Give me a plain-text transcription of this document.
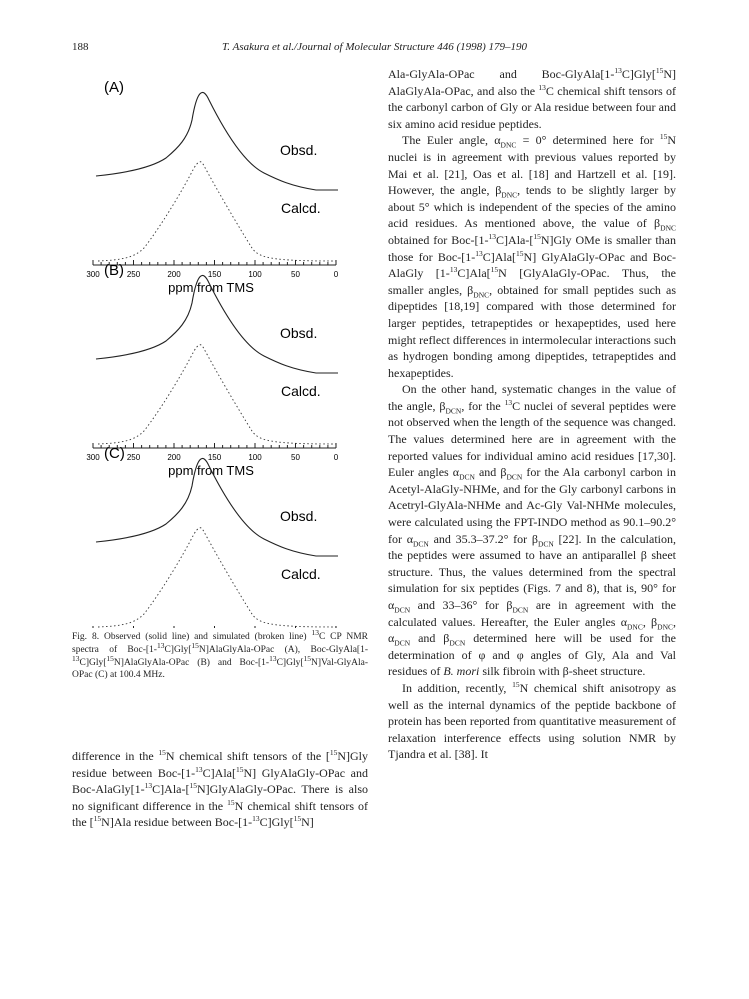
188	T. Asakura et al./Journal of Molecular Structure 446 (1998) 179–190
(A)
Obsd.
Calcd.
300	250	200	150	100	50	0
ppm from TMS
(B)
Obsd.
Calcd.
300	250	200	150	100	50	0
ppm from TMS
(C)
Obsd.
Calcd.
Fig. 8. Observed (solid line) and simulated (broken line) $^{13}$C CP NMR spectra of Boc-[1-$^{13}$C]Gly[$^{15}$N]AlaGlyAla-OPac (A), Boc-GlyAla[1-$^{13}$C]Gly[$^{15}$N]AlaGlyAla-OPac (B) and Boc-[1-$^{13}$C]Gly[$^{15}$N]Val-GlyAla-OPac (C) at 100.4 MHz.

difference in the $^{15}$N chemical shift tensors of the [$^{15}$N]Gly residue between Boc-[1-$^{13}$C]Ala[$^{15}$N] GlyAlaGly-OPac and Boc-AlaGly[1-$^{13}$C]Ala-[$^{15}$N]GlyAlaGly-OPac. There is also no significant difference in the $^{15}$N chemical shift tensors of the [$^{15}$N]Ala residue between Boc-[1-$^{13}$C]Gly[$^{15}$N]

Ala-GlyAla-OPac and Boc-GlyAla[1-$^{13}$C]Gly[$^{15}$N] AlaGlyAla-OPac, and also the $^{13}$C chemical shift tensors of the carbonyl carbon of Gly or Ala residue between four and six amino acid residue peptides.

The Euler angle, $\alpha_{DNC} = 0^\circ$ determined here for $^{15}$N nuclei is in agreement with previous values reported by Mai et al. [21], Oas et al. [18] and Hartzell et al. [19]. However, the angle, $\beta_{DNC}$, tends to be slightly larger by about 5° which is independent of the species of the amino acid residues. As mentioned above, the value of $\beta_{DNC}$ obtained for Boc-[1-$^{13}$C]Ala-[$^{15}$N]Gly OMe is smaller than those for Boc-[1-$^{13}$C]Ala[$^{15}$N] GlyAlaGly-OPac and Boc-AlaGly [1-$^{13}$C]Ala[$^{15}$N [GlyAlaGly-OPac. Thus, the smaller angles, $\beta_{DNC}$, obtained for small peptides such as dipeptides [18,19] compared with those determined for larger peptides, tetrapeptides or hexapeptides, used here might reflect differences in intermolecular interactions such as hydrogen bonding among dipeptides, tetrapeptides and hexapeptides.

On the other hand, systematic changes in the value of the angle, $\beta_{DCN}$, for the $^{13}$C nuclei of several peptides were not observed when the length of the sequence was changed. The values determined here are in agreement with the reported values for individual amino acid residues [17,30]. Euler angles $\alpha_{DCN}$ and $\beta_{DCN}$ for the Ala carbonyl carbon in Acetyl-AlaGly-NHMe, and for the Gly carbonyl carbons in Acetryl-GlyAla-NHMe and Ac-Gly Val-NHMe molecules, were calculated using the FPT-INDO method as 90.1–90.2° for $\alpha_{DCN}$ and 35.3–37.2° for $\beta_{DCN}$ [22]. In the calculation, the peptides were assumed to have an antiparallel β sheet structure. Thus, the values determined from the spectral simulation for six peptides (Figs. 7 and 8), that is, 90° for $\alpha_{DCN}$ and 33–36° for $\beta_{DCN}$ are in agreement with the calculated values. Hereafter, the Euler angles $\alpha_{DNC}$, $\beta_{DNC}$, $\alpha_{DCN}$ and $\beta_{DCN}$ determined here will be used for the determination of φ and φ angles of Gly, Ala and Val residues of B. mori silk fibroin with β-sheet structure.

In addition, recently, $^{15}$N chemical shift anisotropy as well as the internal dynamics of the peptide backbone of protein has been reported from quantitative measurement of relaxation interference effects using solution NMR by Tjandra et al. [38]. It
